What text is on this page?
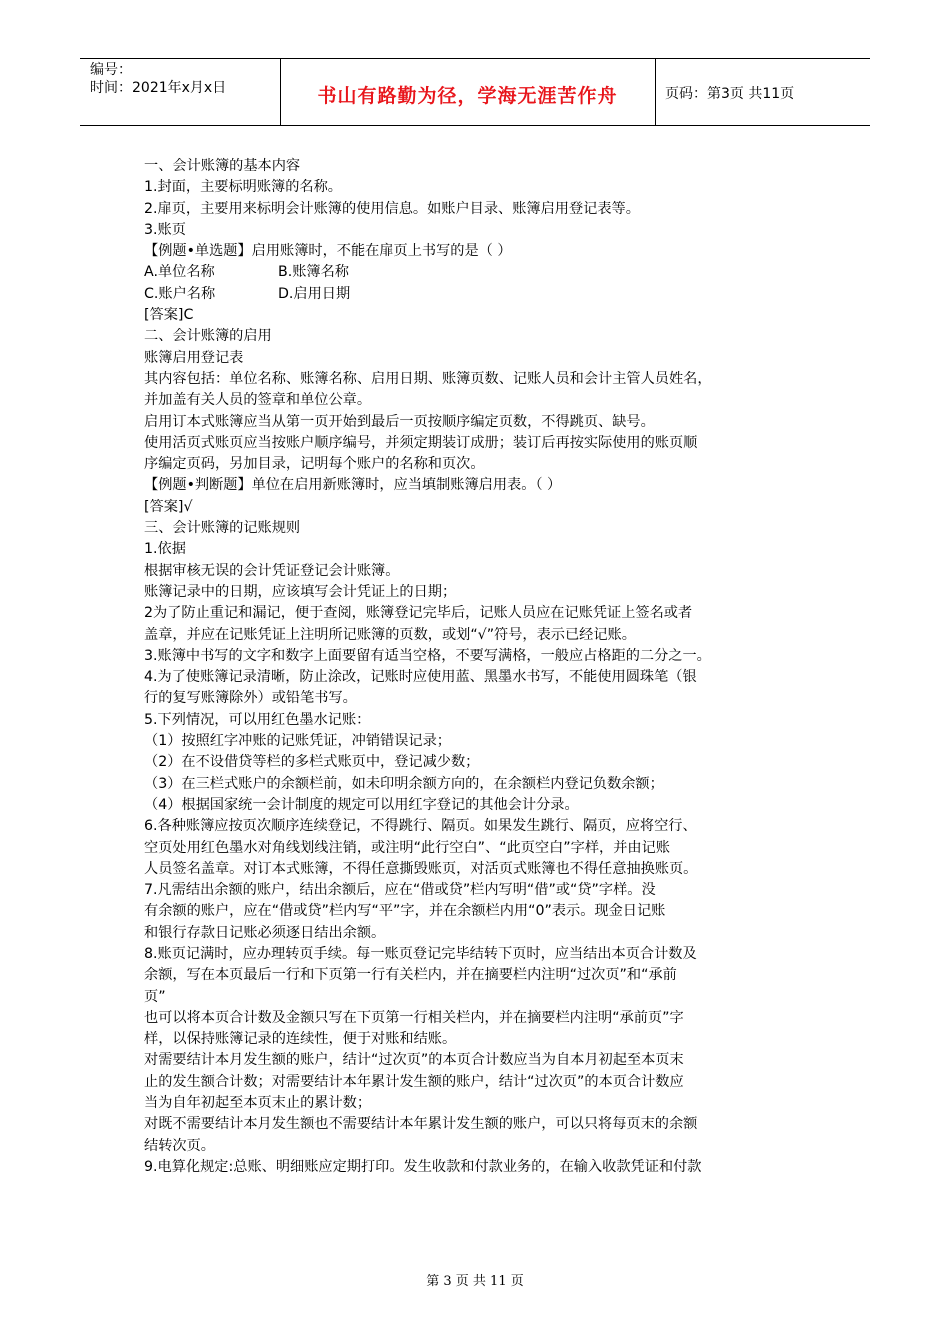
编号：
时间：2021年x月x日	书山有路勤为径，学海无涯苦作舟	页码：第3页 共11页
一、会计账簿的基本内容
1.封面，主要标明账簿的名称。
2.扉页，主要用来标明会计账簿的使用信息。如账户目录、账簿启用登记表等。
3.账页
【例题•单选题】启用账簿时，不能在扉页上书写的是（ ）
A.单位名称	B.账簿名称
C.账户名称	D.启用日期
[答案]C
二、会计账簿的启用
账簿启用登记表
其内容包括：单位名称、账簿名称、启用日期、账簿页数、记账人员和会计主管人员姓名，
并加盖有关人员的签章和单位公章。
启用订本式账簿应当从第一页开始到最后一页按顺序编定页数，不得跳页、缺号。
使用活页式账页应当按账户顺序编号，并须定期装订成册；装订后再按实际使用的账页顺
序编定页码，另加目录，记明每个账户的名称和页次。
【例题•判断题】单位在启用新账簿时，应当填制账簿启用表。（ ）
[答案]√
三、会计账簿的记账规则
1.依据
根据审核无误的会计凭证登记会计账簿。
账簿记录中的日期，应该填写会计凭证上的日期；
2为了防止重记和漏记，便于查阅，账簿登记完毕后，记账人员应在记账凭证上签名或者
盖章，并应在记账凭证上注明所记账簿的页数，或划“√”符号，表示已经记账。
3.账簿中书写的文字和数字上面要留有适当空格，不要写满格，一般应占格距的二分之一。
4.为了使账簿记录清晰，防止涂改，记账时应使用蓝、黑墨水书写，不能使用圆珠笔（银
行的复写账簿除外）或铅笔书写。
5.下列情况，可以用红色墨水记账：
（1）按照红字冲账的记账凭证，冲销错误记录；
（2）在不设借贷等栏的多栏式账页中，登记减少数；
（3）在三栏式账户的余额栏前，如未印明余额方向的，在余额栏内登记负数余额；
（4）根据国家统一会计制度的规定可以用红字登记的其他会计分录。
6.各种账簿应按页次顺序连续登记，不得跳行、隔页。如果发生跳行、隔页，应将空行、
空页处用红色墨水对角线划线注销，或注明“此行空白”、“此页空白”字样，并由记账
人员签名盖章。对订本式账簿，不得任意撕毁账页，对活页式账簿也不得任意抽换账页。
7.凡需结出余额的账户，结出余额后，应在“借或贷”栏内写明“借”或“贷”字样。没
有余额的账户，应在“借或贷”栏内写“平”字，并在余额栏内用“0”表示。现金日记账
和银行存款日记账必须逐日结出余额。
8.账页记满时，应办理转页手续。每一账页登记完毕结转下页时，应当结出本页合计数及
余额，写在本页最后一行和下页第一行有关栏内，并在摘要栏内注明“过次页”和“承前
页”
也可以将本页合计数及金额只写在下页第一行相关栏内，并在摘要栏内注明“承前页”字
样，以保持账簿记录的连续性，便于对账和结账。
对需要结计本月发生额的账户，结计“过次页”的本页合计数应当为自本月初起至本页末
止的发生额合计数；对需要结计本年累计发生额的账户，结计“过次页”的本页合计数应
当为自年初起至本页末止的累计数；
对既不需要结计本月发生额也不需要结计本年累计发生额的账户，可以只将每页末的余额
结转次页。
9.电算化规定:总账、明细账应定期打印。发生收款和付款业务的，在输入收款凭证和付款
第 3 页 共 11 页
